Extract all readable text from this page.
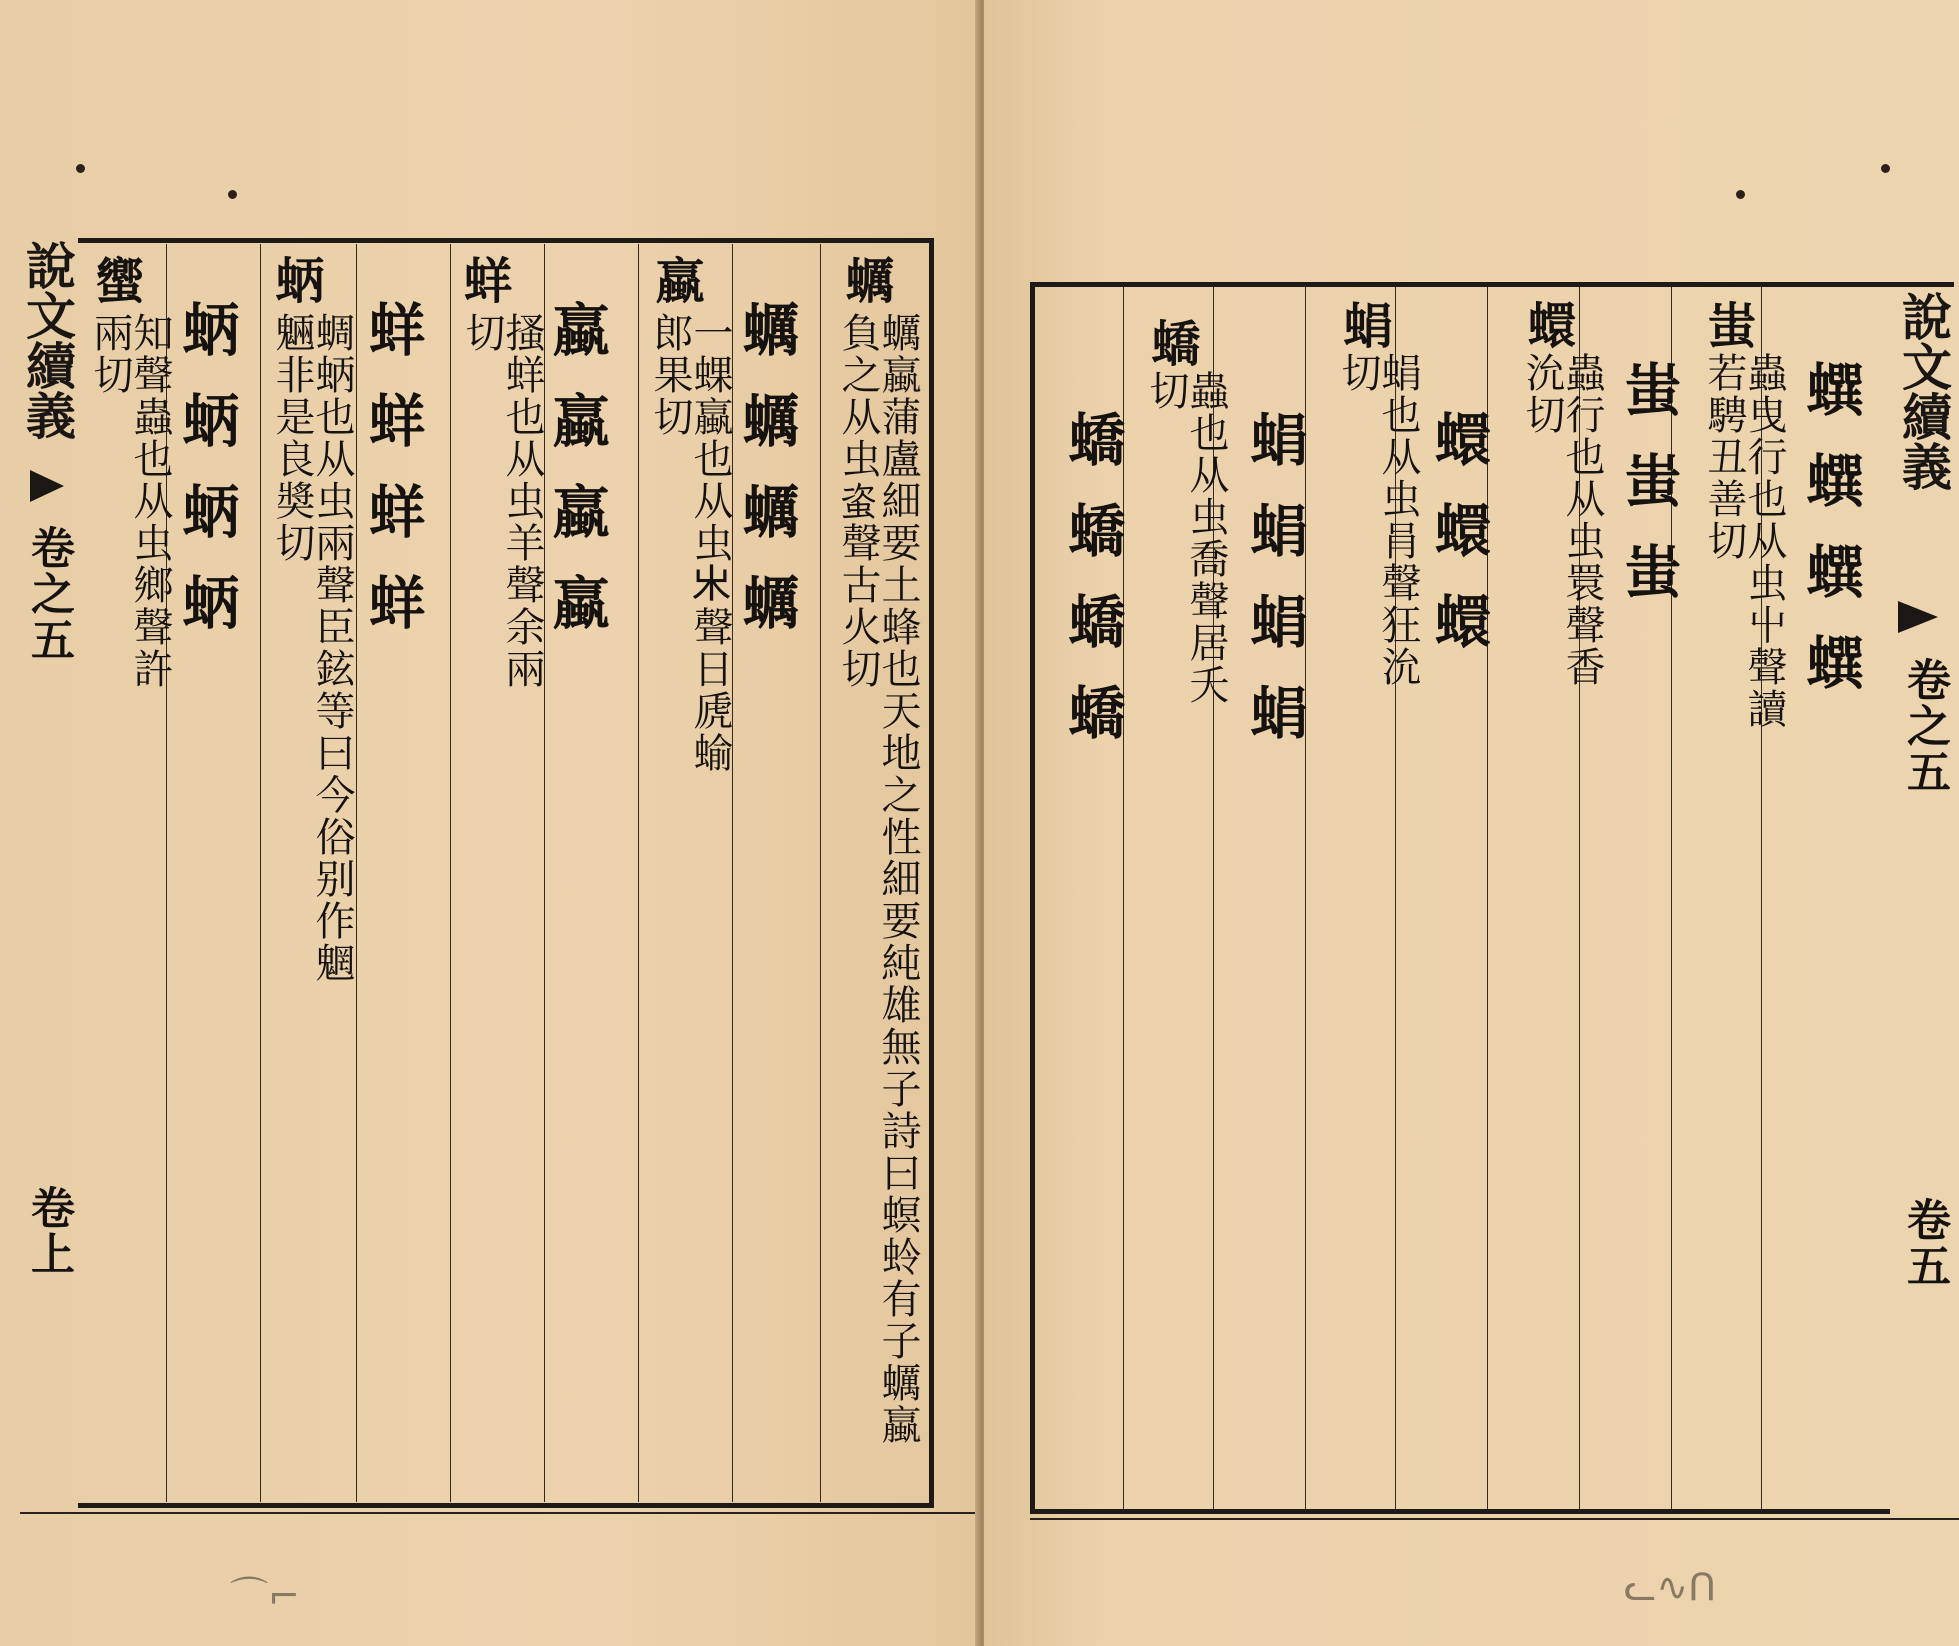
說文續義
卷之五
卷上
蠣
蠣蠃蒲盧細要土蜂也天地之性細要純雄無子詩曰螟蛉有子蠣蠃負之从虫𧊒聲古火切
蠣蠣蠣蠣
蠃
一蜾蠃也从虫𣎵聲日虒蝓郎果切
蠃蠃蠃蠃
蛘
搔蛘也从虫羊聲余兩切
蛘蛘蛘蛘
蛃
蜩蛃也从虫兩聲臣鉉等曰今俗别作魍魎非是良奬切
蛃蛃蛃蛃
蠁
知聲蟲也从虫鄉聲許兩切
⌒⌐
說文續義
卷之五
卷五
蟤蟤蟤蟤
蚩
蟲曳行也从虫屮聲讀若騁丑善切
蚩蚩蚩
蠉
蟲行也从虫睘聲香沇切
蠉蠉蠉
蜎
蜎也从虫肙聲狂沇切
蜎蜎蜎蜎
蟜
蟲也从虫喬聲居夭切
蟜蟜蟜蟜
ᓚ∿ᑎ
